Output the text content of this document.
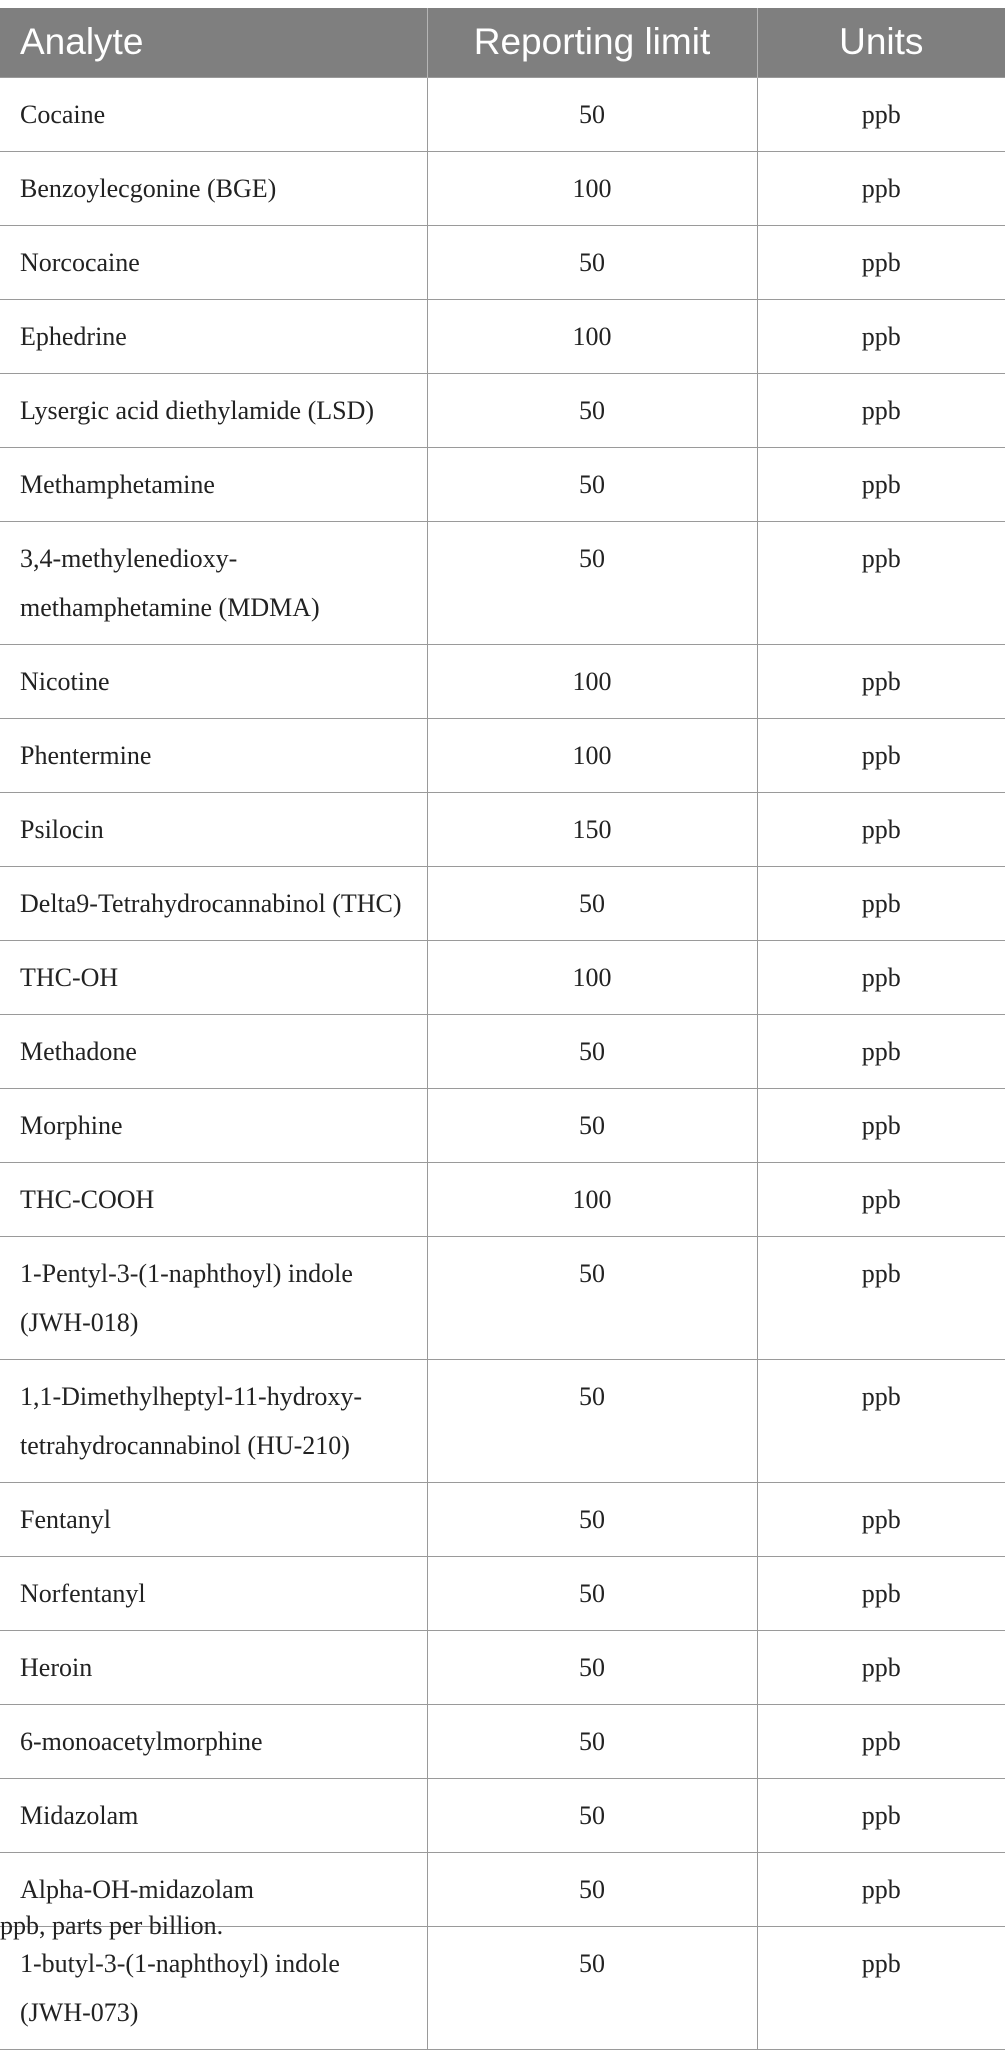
Analyte	Reporting limit	Units
Cocaine	50	ppb
Benzoylecgonine (BGE)	100	ppb
Norcocaine	50	ppb
Ephedrine	100	ppb
Lysergic acid diethylamide (LSD)	50	ppb
Methamphetamine	50	ppb
3,4-methylenedioxy-methamphetamine (MDMA)	50	ppb
Nicotine	100	ppb
Phentermine	100	ppb
Psilocin	150	ppb
Delta9-Tetrahydrocannabinol (THC)	50	ppb
THC-OH	100	ppb
Methadone	50	ppb
Morphine	50	ppb
THC-COOH	100	ppb
1-Pentyl-3-(1-naphthoyl) indole (JWH-018)	50	ppb
1,1-Dimethylheptyl-11-hydroxy-tetrahydrocannabinol (HU-210)	50	ppb
Fentanyl	50	ppb
Norfentanyl	50	ppb
Heroin	50	ppb
6-monoacetylmorphine	50	ppb
Midazolam	50	ppb
Alpha-OH-midazolam	50	ppb
1-butyl-3-(1-naphthoyl) indole (JWH-073)	50	ppb
ppb, parts per billion.
